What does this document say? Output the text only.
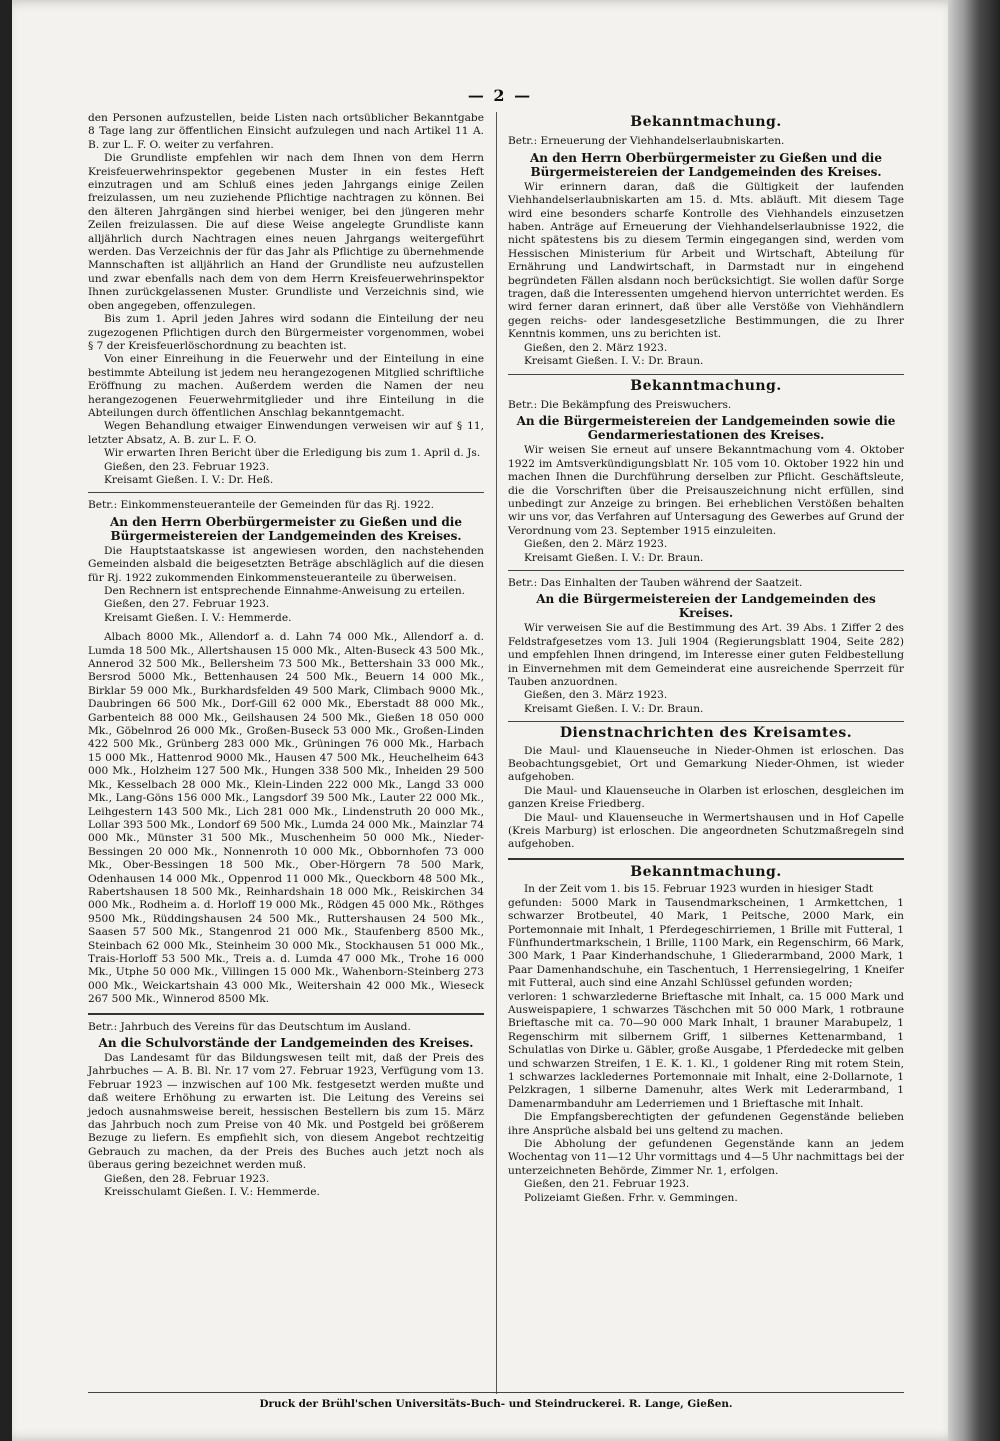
— 2 —

den Personen aufzustellen, beide Listen nach ortsüblicher Bekanntgabe 8 Tage lang zur öffentlichen Einsicht aufzulegen und nach Artikel 11 A. B. zur L. F. O. weiter zu verfahren.

Die Grundliste empfehlen wir nach dem Ihnen von dem Herrn Kreisfeuerwehrinspektor gegebenen Muster in ein festes Heft einzutragen und am Schluß eines jeden Jahrgangs einige Zeilen freizulassen, um neu zuziehende Pflichtige nachtragen zu können. Bei den älteren Jahrgängen sind hierbei weniger, bei den jüngeren mehr Zeilen freizulassen. Die auf diese Weise angelegte Grundliste kann alljährlich durch Nachtragen eines neuen Jahrgangs weitergeführt werden. Das Verzeichnis der für das Jahr als Pflichtige zu übernehmende Mannschaften ist alljährlich an Hand der Grundliste neu aufzustellen und zwar ebenfalls nach dem von dem Herrn Kreisfeuerwehrinspektor Ihnen zurückgelassenen Muster. Grundliste und Verzeichnis sind, wie oben angegeben, offenzulegen.

Bis zum 1. April jeden Jahres wird sodann die Einteilung der neu zugezogenen Pflichtigen durch den Bürgermeister vorgenommen, wobei § 7 der Kreisfeuerlöschordnung zu beachten ist.

Von einer Einreihung in die Feuerwehr und der Einteilung in eine bestimmte Abteilung ist jedem neu herangezogenen Mitglied schriftliche Eröffnung zu machen. Außerdem werden die Namen der neu herangezogenen Feuerwehrmitglieder und ihre Einteilung in die Abteilungen durch öffentlichen Anschlag bekanntgemacht.

Wegen Behandlung etwaiger Einwendungen verweisen wir auf § 11, letzter Absatz, A. B. zur L. F. O.

Wir erwarten Ihren Bericht über die Erledigung bis zum 1. April d. Js.

Gießen, den 23. Februar 1923.

Kreisamt Gießen. I. V.: Dr. Heß.

Betr.: Einkommensteueranteile der Gemeinden für das Rj. 1922.

An den Herrn Oberbürgermeister zu Gießen und die Bürgermeistereien der Landgemeinden des Kreises.

Die Hauptstaatskasse ist angewiesen worden, den nachstehenden Gemeinden alsbald die beigesetzten Beträge abschläglich auf die diesen für Rj. 1922 zukommenden Einkommensteueranteile zu überweisen.

Den Rechnern ist entsprechende Einnahme-Anweisung zu erteilen.

Gießen, den 27. Februar 1923.

Kreisamt Gießen. I. V.: Hemmerde.

Albach 8000 Mk., Allendorf a. d. Lahn 74 000 Mk., Allendorf a. d. Lumda 18 500 Mk., Allertshausen 15 000 Mk., Alten-Buseck 43 500 Mk., Annerod 32 500 Mk., Bellersheim 73 500 Mk., Bettershain 33 000 Mk., Bersrod 5000 Mk., Bettenhausen 24 500 Mk., Beuern 14 000 Mk., Birklar 59 000 Mk., Burkhardsfelden 49 500 Mark, Climbach 9000 Mk., Daubringen 66 500 Mk., Dorf-Gill 62 000 Mk., Eberstadt 88 000 Mk., Garbenteich 88 000 Mk., Geilshausen 24 500 Mk., Gießen 18 050 000 Mk., Göbelnrod 26 000 Mk., Großen-Buseck 53 000 Mk., Großen-Linden 422 500 Mk., Grünberg 283 000 Mk., Grüningen 76 000 Mk., Harbach 15 000 Mk., Hattenrod 9000 Mk., Hausen 47 500 Mk., Heuchelheim 643 000 Mk., Holzheim 127 500 Mk., Hungen 338 500 Mk., Inheiden 29 500 Mk., Kesselbach 28 000 Mk., Klein-Linden 222 000 Mk., Langd 33 000 Mk., Lang-Göns 156 000 Mk., Langsdorf 39 500 Mk., Lauter 22 000 Mk., Leihgestern 143 500 Mk., Lich 281 000 Mk., Lindenstruth 20 000 Mk., Lollar 393 500 Mk., Londorf 69 500 Mk., Lumda 24 000 Mk., Mainzlar 74 000 Mk., Münster 31 500 Mk., Muschenheim 50 000 Mk., Nieder-Bessingen 20 000 Mk., Nonnenroth 10 000 Mk., Obbornhofen 73 000 Mk., Ober-Bessingen 18 500 Mk., Ober-Hörgern 78 500 Mark, Odenhausen 14 000 Mk., Oppenrod 11 000 Mk., Queckborn 48 500 Mk., Rabertshausen 18 500 Mk., Reinhardshain 18 000 Mk., Reiskirchen 34 000 Mk., Rodheim a. d. Horloff 19 000 Mk., Rödgen 45 000 Mk., Röthges 9500 Mk., Rüddingshausen 24 500 Mk., Ruttershausen 24 500 Mk., Saasen 57 500 Mk., Stangenrod 21 000 Mk., Staufenberg 8500 Mk., Steinbach 62 000 Mk., Steinheim 30 000 Mk., Stockhausen 51 000 Mk., Trais-Horloff 53 500 Mk., Treis a. d. Lumda 47 000 Mk., Trohe 16 000 Mk., Utphe 50 000 Mk., Villingen 15 000 Mk., Wahenborn-Steinberg 273 000 Mk., Weickartshain 43 000 Mk., Weitershain 42 000 Mk., Wieseck 267 500 Mk., Winnerod 8500 Mk.

Betr.: Jahrbuch des Vereins für das Deutschtum im Ausland.

An die Schulvorstände der Landgemeinden des Kreises.

Das Landesamt für das Bildungswesen teilt mit, daß der Preis des Jahrbuches — A. B. Bl. Nr. 17 vom 27. Februar 1923, Verfügung vom 13. Februar 1923 — inzwischen auf 100 Mk. festgesetzt werden mußte und daß weitere Erhöhung zu erwarten ist. Die Leitung des Vereins sei jedoch ausnahmsweise bereit, hessischen Bestellern bis zum 15. März das Jahrbuch noch zum Preise von 40 Mk. und Postgeld bei größerem Bezuge zu liefern. Es empfiehlt sich, von diesem Angebot rechtzeitig Gebrauch zu machen, da der Preis des Buches auch jetzt noch als überaus gering bezeichnet werden muß.

Gießen, den 28. Februar 1923.

Kreisschulamt Gießen. I. V.: Hemmerde.

Bekanntmachung.

Betr.: Erneuerung der Viehhandelserlaubniskarten.

An den Herrn Oberbürgermeister zu Gießen und die Bürgermeistereien der Landgemeinden des Kreises.

Wir erinnern daran, daß die Gültigkeit der laufenden Viehhandelserlaubniskarten am 15. d. Mts. abläuft. Mit diesem Tage wird eine besonders scharfe Kontrolle des Viehhandels einzusetzen haben. Anträge auf Erneuerung der Viehhandelserlaubnisse 1922, die nicht spätestens bis zu diesem Termin eingegangen sind, werden vom Hessischen Ministerium für Arbeit und Wirtschaft, Abteilung für Ernährung und Landwirtschaft, in Darmstadt nur in eingehend begründeten Fällen alsdann noch berücksichtigt. Sie wollen dafür Sorge tragen, daß die Interessenten umgehend hiervon unterrichtet werden. Es wird ferner daran erinnert, daß über alle Verstöße von Viehhändlern gegen reichs- oder landesgesetzliche Bestimmungen, die zu Ihrer Kenntnis kommen, uns zu berichten ist.

Gießen, den 2. März 1923.

Kreisamt Gießen. I. V.: Dr. Braun.

Bekanntmachung.

Betr.: Die Bekämpfung des Preiswuchers.

An die Bürgermeistereien der Landgemeinden sowie die Gendarmeriestationen des Kreises.

Wir weisen Sie erneut auf unsere Bekanntmachung vom 4. Oktober 1922 im Amtsverkündigungsblatt Nr. 105 vom 10. Oktober 1922 hin und machen Ihnen die Durchführung derselben zur Pflicht. Geschäftsleute, die die Vorschriften über die Preisauszeichnung nicht erfüllen, sind unbedingt zur Anzeige zu bringen. Bei erheblichen Verstößen behalten wir uns vor, das Verfahren auf Untersagung des Gewerbes auf Grund der Verordnung vom 23. September 1915 einzuleiten.

Gießen, den 2. März 1923.

Kreisamt Gießen. I. V.: Dr. Braun.

Betr.: Das Einhalten der Tauben während der Saatzeit.

An die Bürgermeistereien der Landgemeinden des Kreises.

Wir verweisen Sie auf die Bestimmung des Art. 39 Abs. 1 Ziffer 2 des Feldstrafgesetzes vom 13. Juli 1904 (Regierungsblatt 1904, Seite 282) und empfehlen Ihnen dringend, im Interesse einer guten Feldbestellung in Einvernehmen mit dem Gemeinderat eine ausreichende Sperrzeit für Tauben anzuordnen.

Gießen, den 3. März 1923.

Kreisamt Gießen. I. V.: Dr. Braun.

Dienstnachrichten des Kreisamtes.

Die Maul- und Klauenseuche in Nieder-Ohmen ist erloschen. Das Beobachtungsgebiet, Ort und Gemarkung Nieder-Ohmen, ist wieder aufgehoben.

Die Maul- und Klauenseuche in Olarben ist erloschen, desgleichen im ganzen Kreise Friedberg.

Die Maul- und Klauenseuche in Wermertshausen und in Hof Capelle (Kreis Marburg) ist erloschen. Die angeordneten Schutzmaßregeln sind aufgehoben.

Bekanntmachung.

In der Zeit vom 1. bis 15. Februar 1923 wurden in hiesiger Stadt

gefunden: 5000 Mark in Tausendmarkscheinen, 1 Armkettchen, 1 schwarzer Brotbeutel, 40 Mark, 1 Peitsche, 2000 Mark, ein Portemonnaie mit Inhalt, 1 Pferdegeschirriemen, 1 Brille mit Futteral, 1 Fünfhundertmarkschein, 1 Brille, 1100 Mark, ein Regenschirm, 66 Mark, 300 Mark, 1 Paar Kinderhandschuhe, 1 Gliederarmband, 2000 Mark, 1 Paar Damenhandschuhe, ein Taschentuch, 1 Herrensiegelring, 1 Kneifer mit Futteral, auch sind eine Anzahl Schlüssel gefunden worden;

verloren: 1 schwarzlederne Brieftasche mit Inhalt, ca. 15 000 Mark und Ausweispapiere, 1 schwarzes Täschchen mit 50 000 Mark, 1 rotbraune Brieftasche mit ca. 70—90 000 Mark Inhalt, 1 brauner Marabupelz, 1 Regenschirm mit silbernem Griff, 1 silbernes Kettenarmband, 1 Schulatlas von Dirke u. Gäbler, große Ausgabe, 1 Pferdedecke mit gelben und schwarzen Streifen, 1 E. K. 1. Kl., 1 goldener Ring mit rotem Stein, 1 schwarzes lackledernes Portemonnaie mit Inhalt, eine 2-Dollarnote, 1 Pelzkragen, 1 silberne Damenuhr, altes Werk mit Lederarmband, 1 Damenarmbanduhr am Lederriemen und 1 Brieftasche mit Inhalt.

Die Empfangsberechtigten der gefundenen Gegenstände belieben ihre Ansprüche alsbald bei uns geltend zu machen.

Die Abholung der gefundenen Gegenstände kann an jedem Wochentag von 11—12 Uhr vormittags und 4—5 Uhr nachmittags bei der unterzeichneten Behörde, Zimmer Nr. 1, erfolgen.

Gießen, den 21. Februar 1923.

Polizeiamt Gießen. Frhr. v. Gemmingen.

Druck der Brühl'schen Universitäts-Buch- und Steindruckerei. R. Lange, Gießen.
